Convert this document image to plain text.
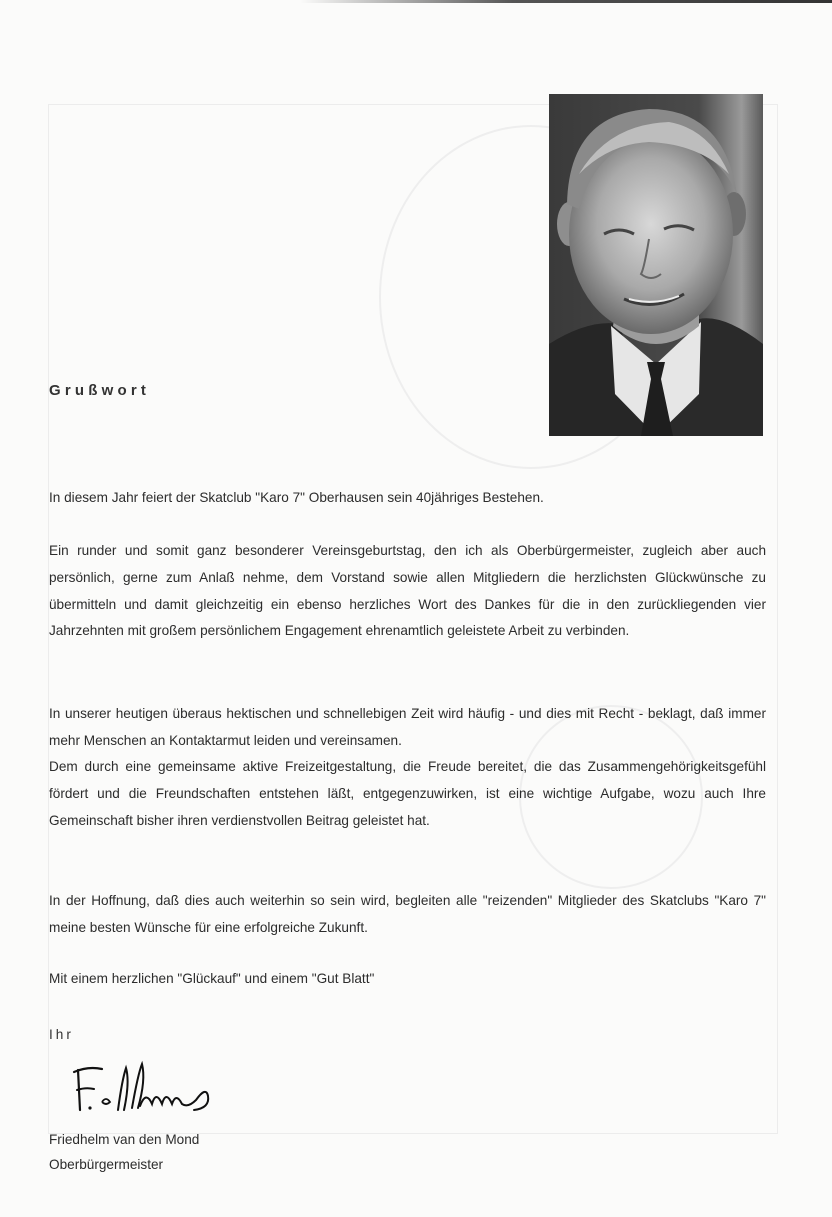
Grußwort
In diesem Jahr feiert der Skatclub "Karo 7" Oberhausen sein 40jähriges Bestehen.
Ein runder und somit ganz besonderer Vereinsgeburtstag, den ich als Oberbürgermeister, zugleich aber auch persönlich, gerne zum Anlaß nehme, dem Vorstand sowie allen Mitgliedern die herzlichsten Glückwünsche zu übermitteln und damit gleichzeitig ein ebenso herzliches Wort des Dankes für die in den zurückliegenden vier Jahrzehnten mit großem persönlichem Engagement ehrenamtlich geleistete Arbeit zu verbinden.
In unserer heutigen überaus hektischen und schnellebigen Zeit wird häufig - und dies mit Recht - beklagt, daß immer mehr Menschen an Kontaktarmut leiden und vereinsamen.
Dem durch eine gemeinsame aktive Freizeitgestaltung, die Freude bereitet, die das Zusammengehörigkeitsgefühl fördert und die Freundschaften entstehen läßt, entgegenzuwirken, ist eine wichtige Aufgabe, wozu auch Ihre Gemeinschaft bisher ihren verdienstvollen Beitrag geleistet hat.
In der Hoffnung, daß dies auch weiterhin so sein wird, begleiten alle "reizenden" Mitglieder des Skatclubs "Karo 7" meine besten Wünsche für eine erfolgreiche Zukunft.
Mit einem herzlichen "Glückauf" und einem "Gut Blatt"
Ihr
Friedhelm van den Mond
Oberbürgermeister
